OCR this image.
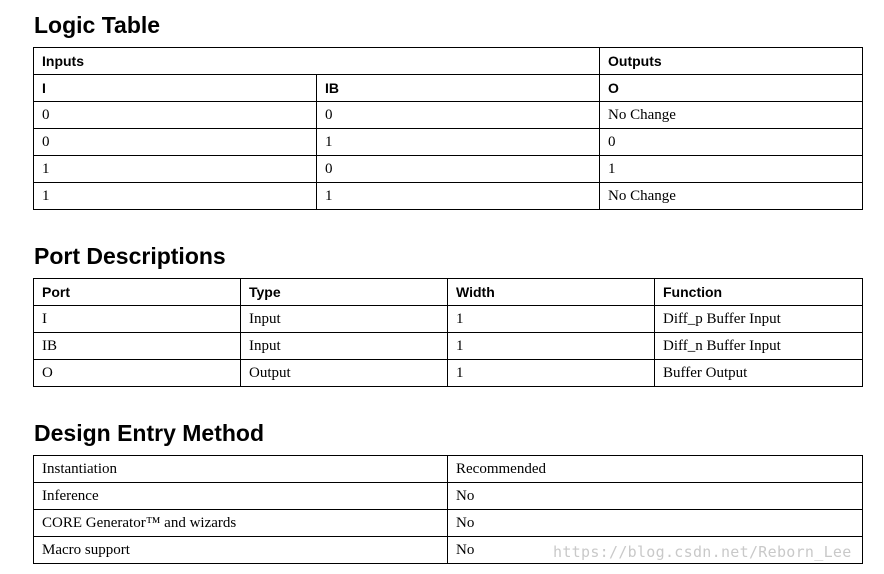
Logic Table
Inputs		Outputs
I	IB	O
0	0	No Change
0	1	0
1	0	1
1	1	No Change
Port Descriptions
Port	Type	Width	Function
I	Input	1	Diff_p Buffer Input
IB	Input	1	Diff_n Buffer Input
O	Output	1	Buffer Output
Design Entry Method
Instantiation	Recommended
Inference	No
CORE Generator™ and wizards	No
Macro support	No	https://blog.csdn.net/Reborn_Lee
